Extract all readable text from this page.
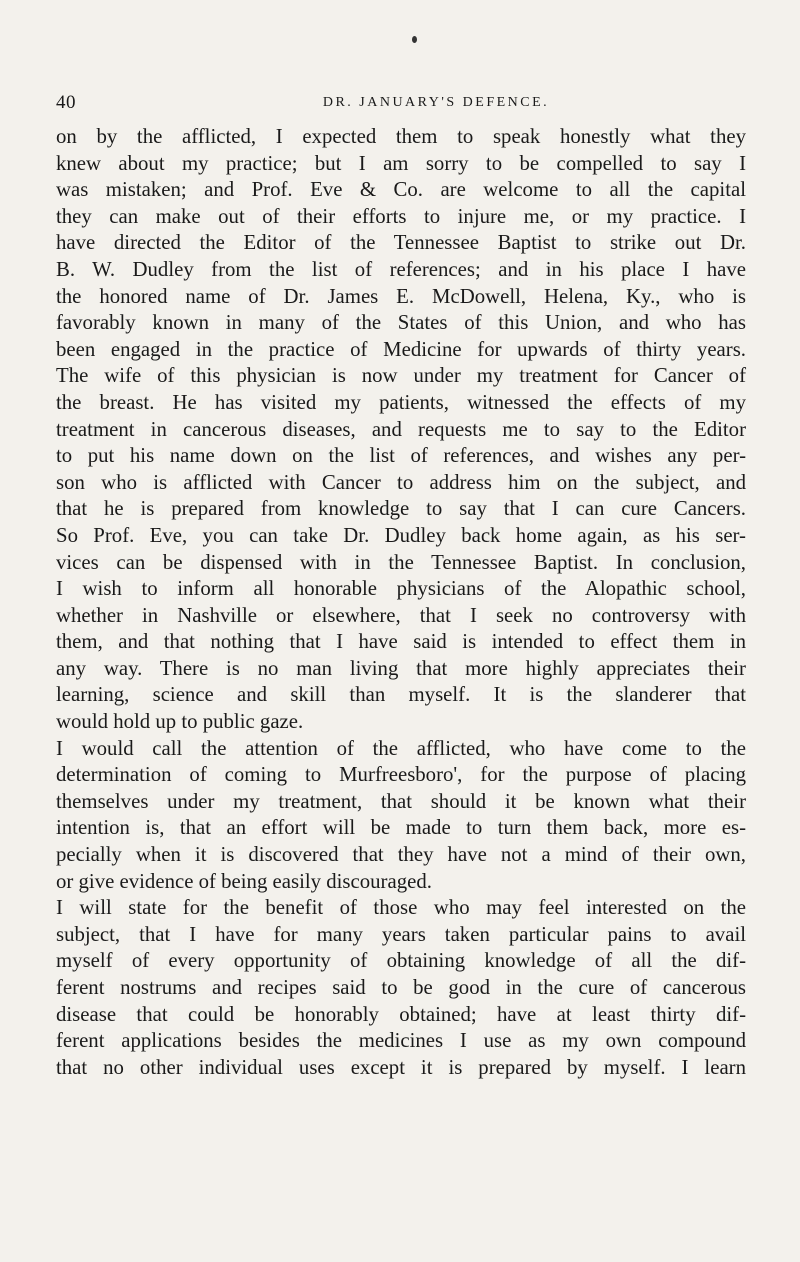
40	DR. JANUARY'S DEFENCE.
on by the afflicted, I expected them to speak honestly what they
knew about my practice; but I am sorry to be compelled to say I
was mistaken; and Prof. Eve & Co. are welcome to all the capital
they can make out of their efforts to injure me, or my practice. I
have directed the Editor of the Tennessee Baptist to strike out Dr.
B. W. Dudley from the list of references; and in his place I have
the honored name of Dr. James E. McDowell, Helena, Ky., who is
favorably known in many of the States of this Union, and who has
been engaged in the practice of Medicine for upwards of thirty years.
The wife of this physician is now under my treatment for Cancer of
the breast. He has visited my patients, witnessed the effects of my
treatment in cancerous diseases, and requests me to say to the Editor
to put his name down on the list of references, and wishes any per-
son who is afflicted with Cancer to address him on the subject, and
that he is prepared from knowledge to say that I can cure Cancers.
So Prof. Eve, you can take Dr. Dudley back home again, as his ser-
vices can be dispensed with in the Tennessee Baptist. In conclusion,
I wish to inform all honorable physicians of the Alopathic school,
whether in Nashville or elsewhere, that I seek no controversy with
them, and that nothing that I have said is intended to effect them in
any way. There is no man living that more highly appreciates their
learning, science and skill than myself. It is the slanderer that
would hold up to public gaze.
I would call the attention of the afflicted, who have come to the
determination of coming to Murfreesboro', for the purpose of placing
themselves under my treatment, that should it be known what their
intention is, that an effort will be made to turn them back, more es-
pecially when it is discovered that they have not a mind of their own,
or give evidence of being easily discouraged.
I will state for the benefit of those who may feel interested on the
subject, that I have for many years taken particular pains to avail
myself of every opportunity of obtaining knowledge of all the dif-
ferent nostrums and recipes said to be good in the cure of cancerous
disease that could be honorably obtained; have at least thirty dif-
ferent applications besides the medicines I use as my own compound
that no other individual uses except it is prepared by myself. I learn
